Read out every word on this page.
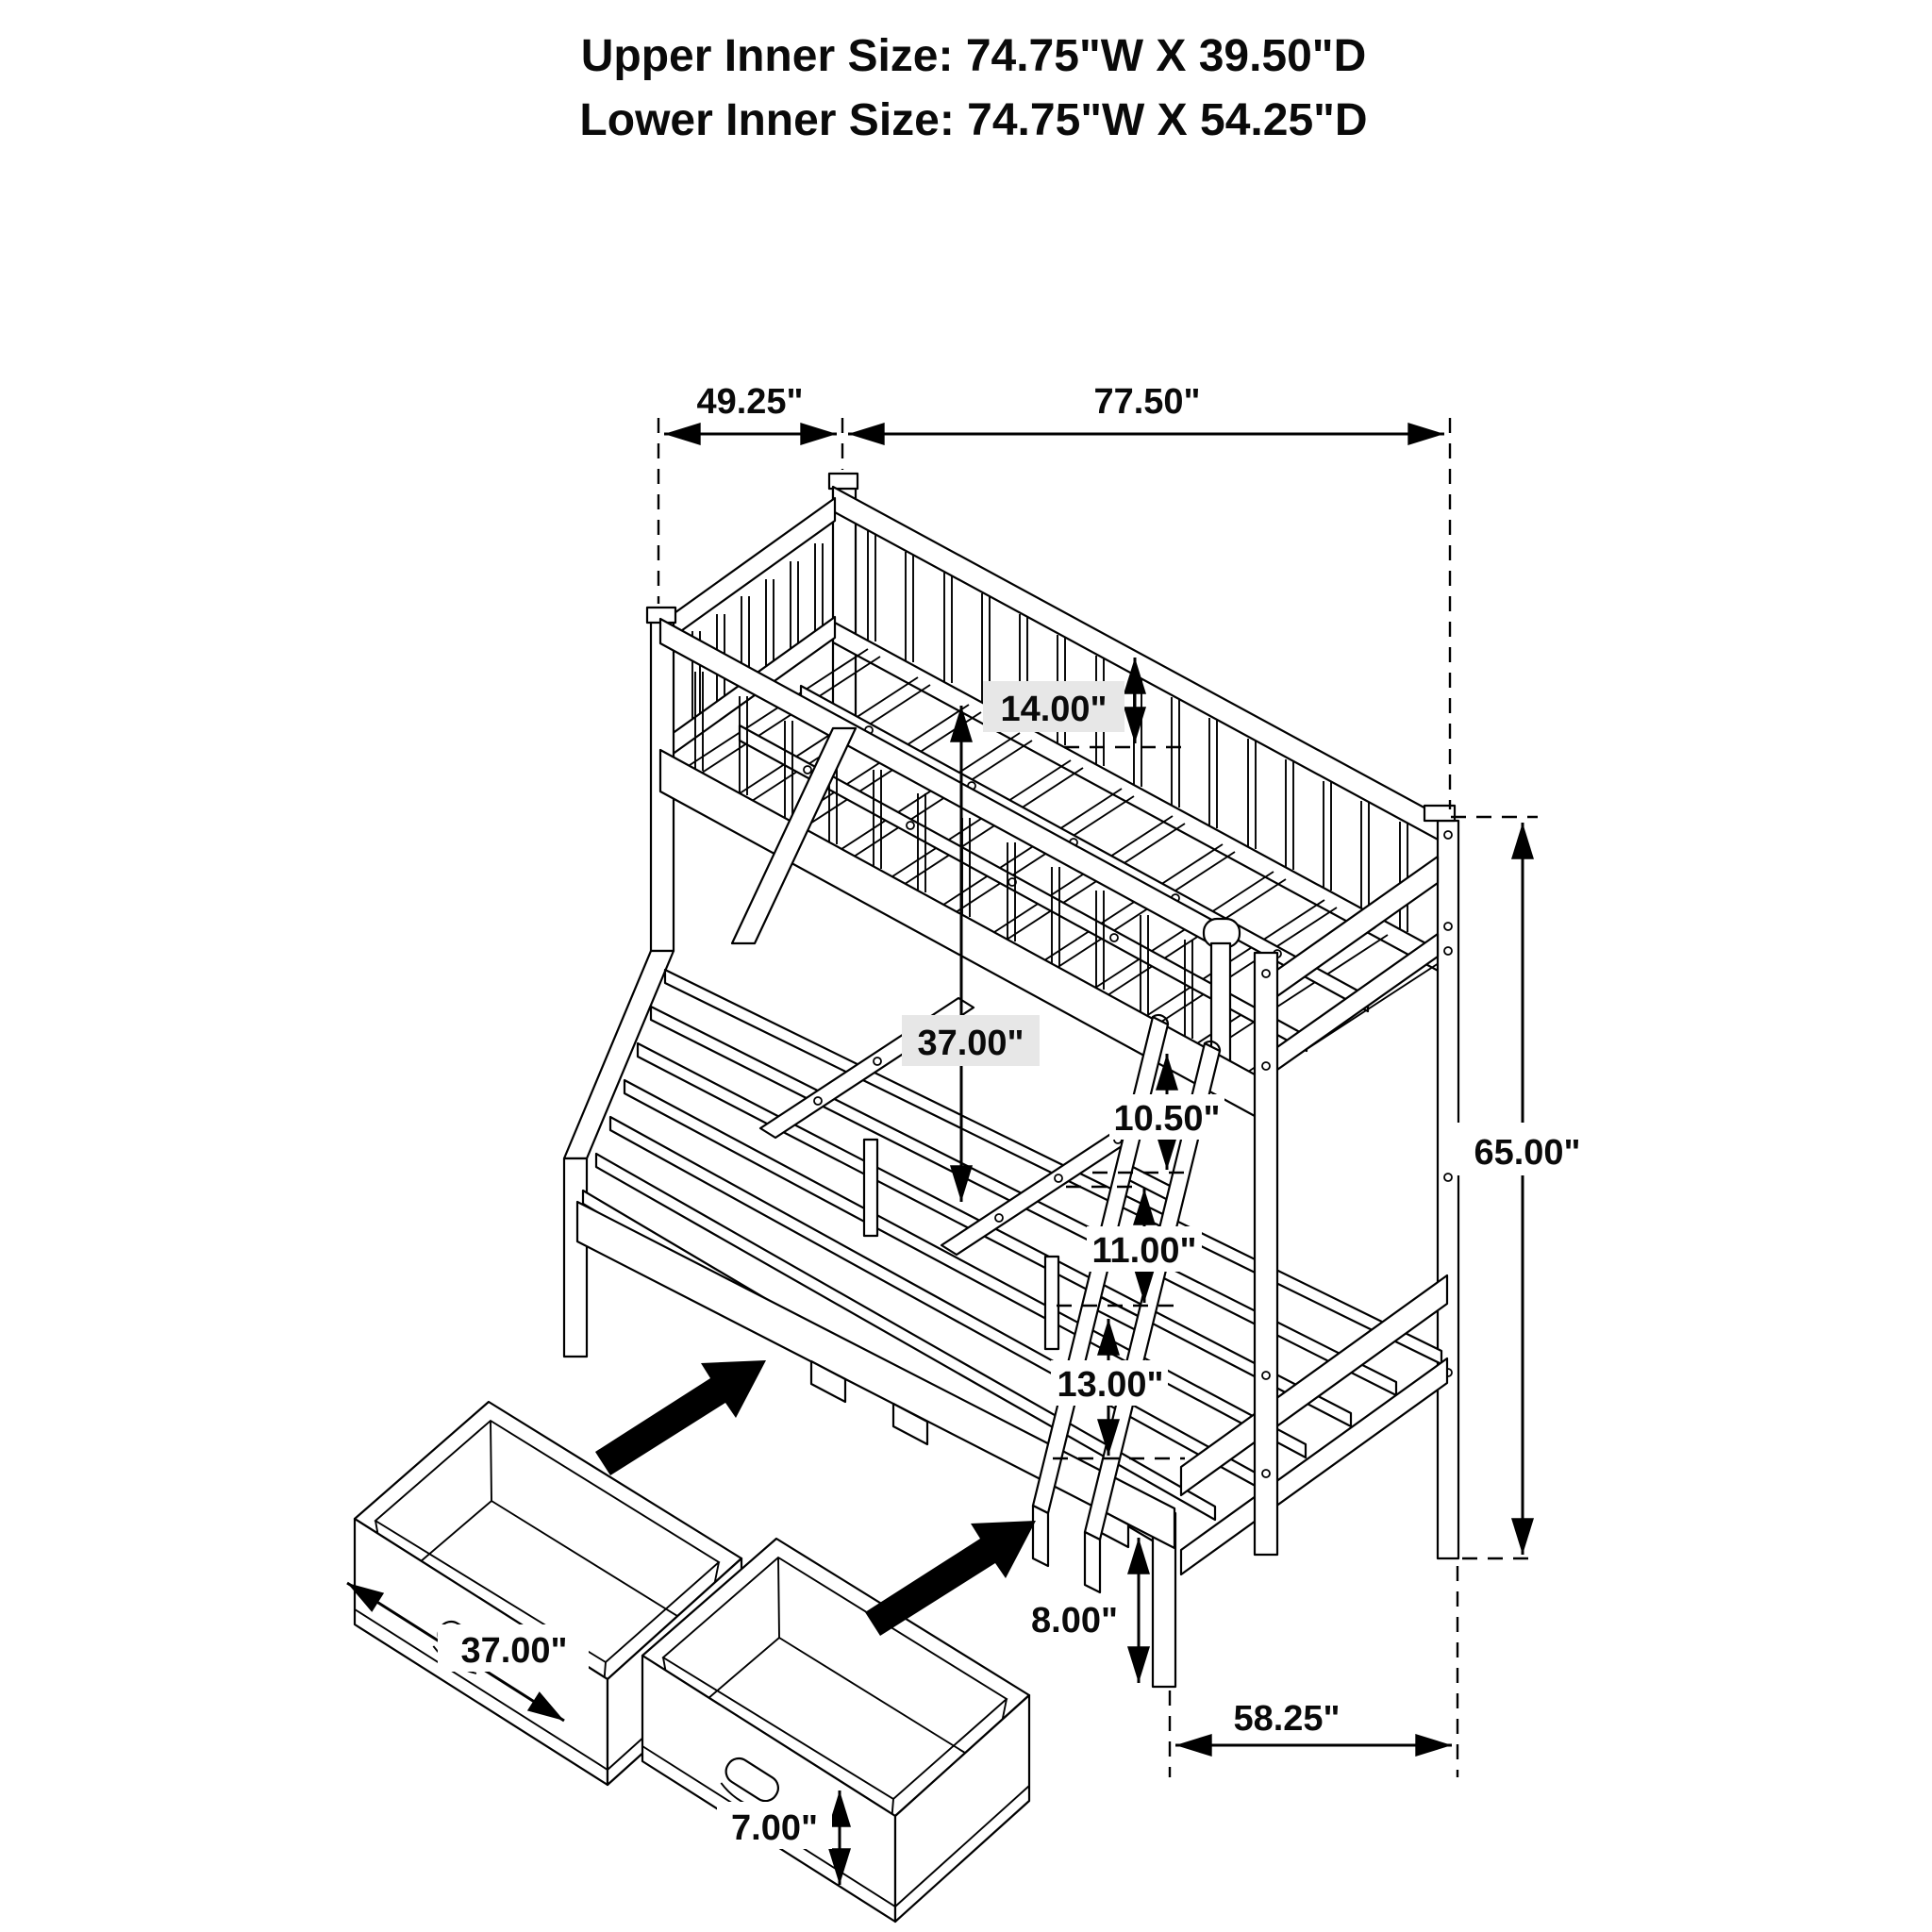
49.25"	77.50"
14.00"
37.00"
10.50"
11.00"
13.00"
65.00"
8.00"
58.25"
37.00"
7.00"
Upper Inner Size: 74.75"W X 39.50"D
Lower Inner Size: 74.75"W X 54.25"D
